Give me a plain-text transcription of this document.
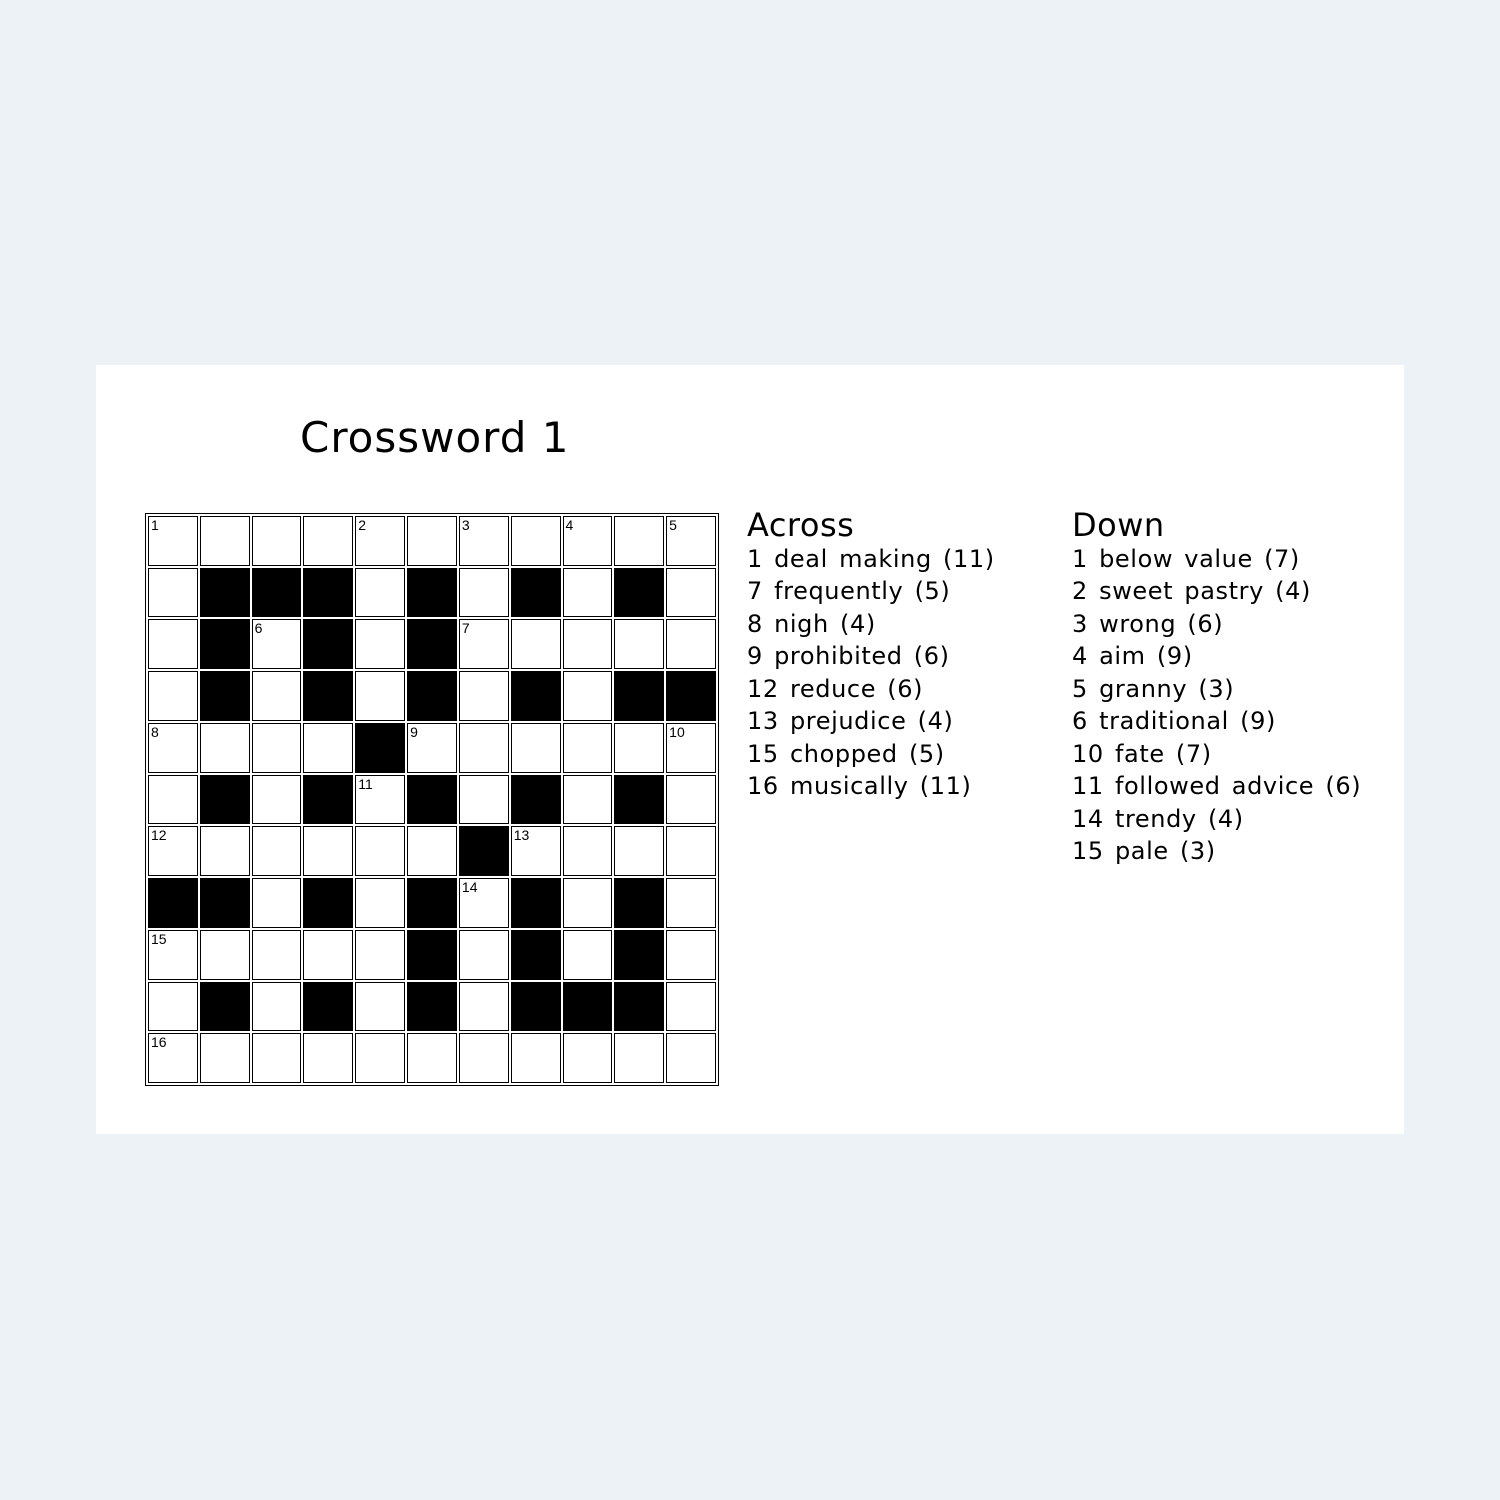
Crossword 1
1	2	3	4	5
6	7
8	9	10
11
12	13
14
15
16
Across
1 deal making (11)
7 frequently (5)
8 nigh (4)
9 prohibited (6)
12 reduce (6)
13 prejudice (4)
15 chopped (5)
16 musically (11)
Down
1 below value (7)
2 sweet pastry (4)
3 wrong (6)
4 aim (9)
5 granny (3)
6 traditional (9)
10 fate (7)
11 followed advice (6)
14 trendy (4)
15 pale (3)
